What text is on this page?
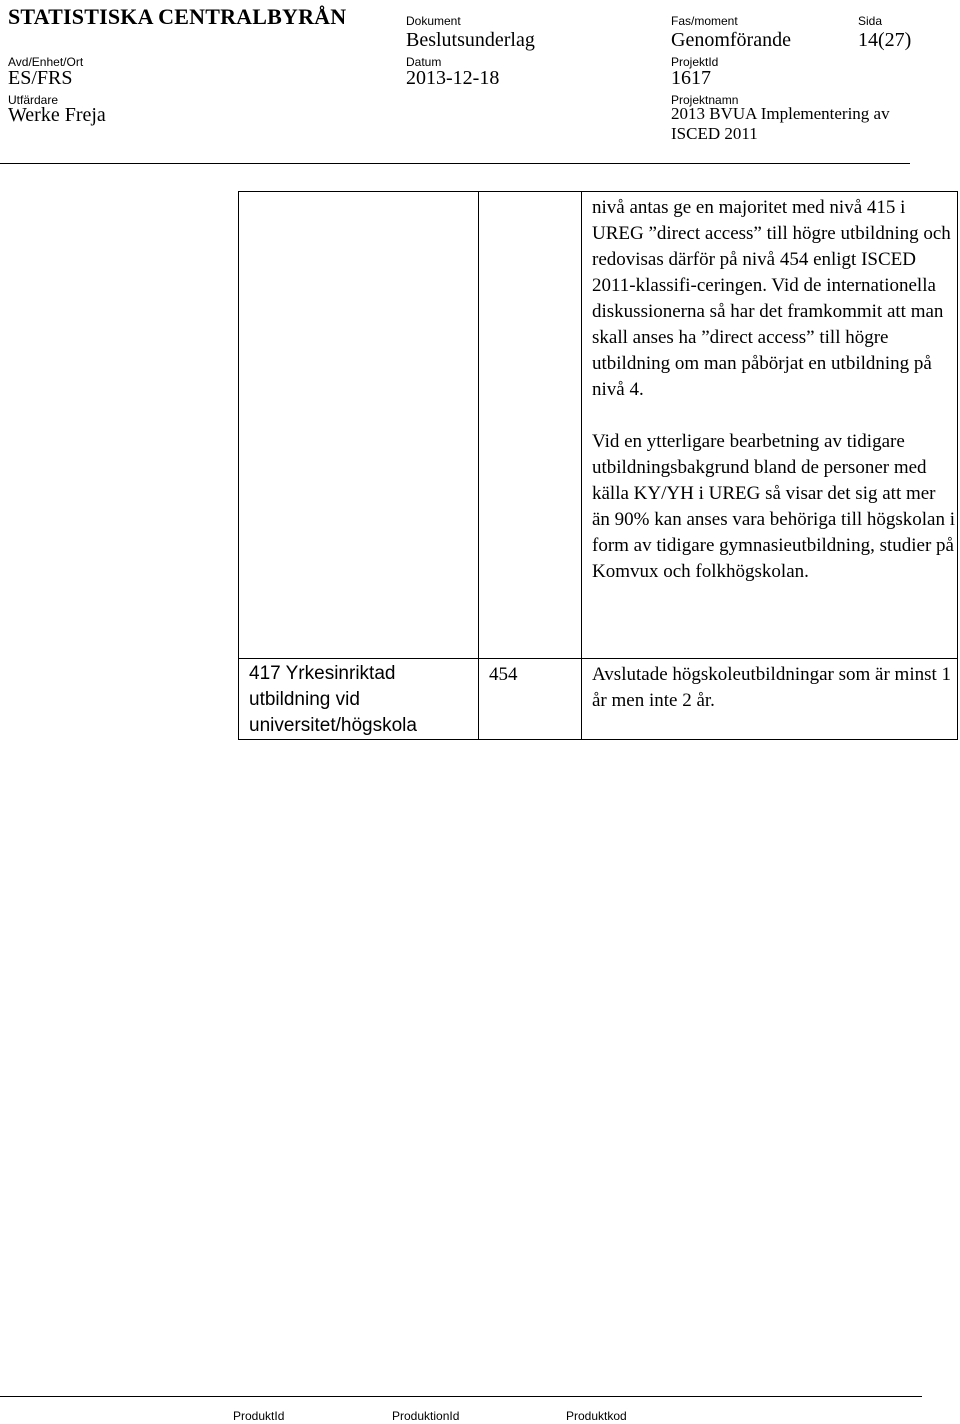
STATISTISKA CENTRALBYRÅN	Dokument
Beslutsunderlag
Fas/moment
Genomförande
Sida
14(27)
Avd/Enhet/Ort
ES/FRS
Datum
2013-12-18
ProjektId
1617
Utfärdare
Werke Freja
Projektnamn
2013 BVUA Implementering av
ISCED 2011

		nivå antas ge en majoritet med nivå 415 i UREG ”direct access” till högre utbildning och redovisas därför på nivå 454 enligt ISCED 2011-klassifi-ceringen. Vid de internationella diskussionerna så har det framkommit att man skall anses ha ”direct access” till högre utbildning om man påbörjat en utbildning på nivå 4.

Vid en ytterligare bearbetning av tidigare utbildningsbakgrund bland de personer med källa KY/YH i UREG så visar det sig att mer än 90% kan anses vara behöriga till högskolan i form av tidigare gymnasieutbildning, studier på Komvux och folkhögskolan.

417 Yrkesinriktad
utbildning vid
universitet/högskola	454	Avslutade högskoleutbildningar som är minst 1 år men inte 2 år.
ProduktId	ProduktionId	Produktkod
